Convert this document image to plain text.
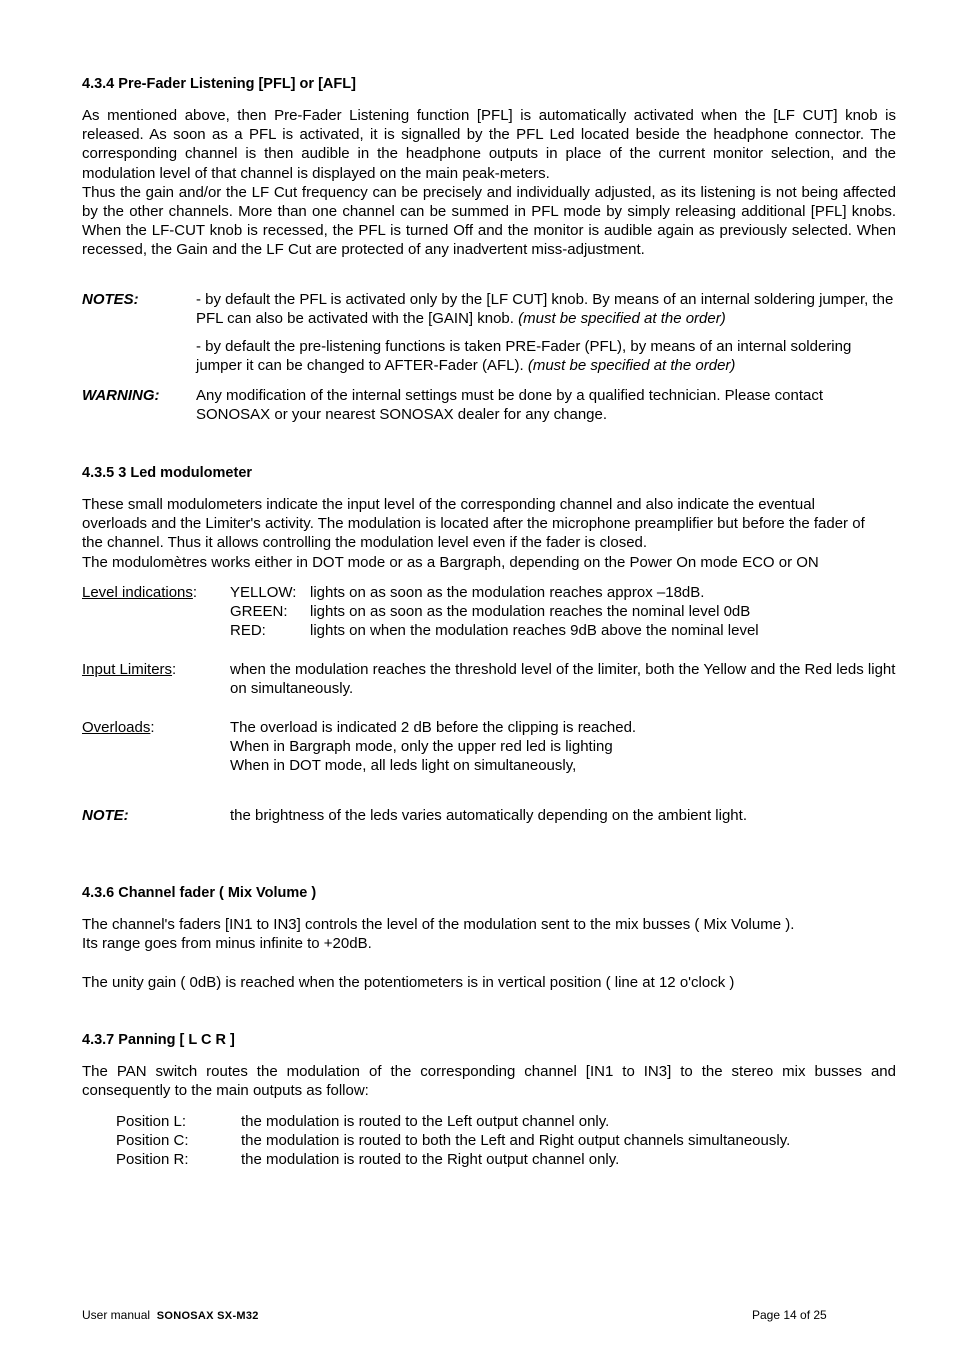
4.3.4 Pre-Fader Listening [PFL] or [AFL]

As mentioned above, then Pre-Fader Listening function [PFL] is automatically activated when the [LF CUT] knob is released. As soon as a PFL is activated, it is signalled by the PFL Led located beside the headphone connector. The corresponding channel is then audible in the headphone outputs in place of the current monitor selection, and the modulation level of that channel is displayed on the main peak-meters.

Thus the gain and/or the LF Cut frequency can be precisely and individually adjusted, as its listening is not being affected by the other channels. More than one channel can be summed in PFL mode by simply releasing additional [PFL] knobs. When the LF-CUT knob is recessed, the PFL is turned Off and the monitor is audible again as previously selected. When recessed, the Gain and the LF Cut are protected of any inadvertent miss-adjustment.

NOTES:	- by default the PFL is activated only by the [LF CUT] knob. By means of an internal soldering jumper, the PFL can also be activated with the [GAIN] knob. (must be specified at the order)

- by default the pre-listening functions is taken PRE-Fader (PFL), by means of an internal soldering jumper it can be changed to AFTER-Fader (AFL). (must be specified at the order)

WARNING: Any modification of the internal settings must be done by a qualified technician. Please contact SONOSAX or your nearest SONOSAX dealer for any change.

4.3.5 3 Led modulometer

These small modulometers indicate the input level of the corresponding channel and also indicate the eventual overloads and the Limiter's activity. The modulation is located after the microphone preamplifier but before the fader of the channel. Thus it allows controlling the modulation level even if the fader is closed.

The modulomètres works either in DOT mode or as a Bargraph, depending on the Power On mode ECO or ON

Level indications: YELLOW: lights on as soon as the modulation reaches approx –18dB.
GREEN: lights on as soon as the modulation reaches the nominal level 0dB
RED:	lights on when the modulation reaches 9dB above the nominal level
Input Limiters:	when the modulation reaches the threshold level of the limiter, both the Yellow and the Red leds light on simultaneously.

Overloads:	The overload is indicated 2 dB before the clipping is reached.

When in Bargraph mode, only the upper red led is lighting

When in DOT mode, all leds light on simultaneously,

NOTE:	the brightness of the leds varies automatically depending on the ambient light.

4.3.6 Channel fader ( Mix Volume )

The channel's faders [IN1 to IN3] controls the level of the modulation sent to the mix busses ( Mix Volume ).

Its range goes from minus infinite to +20dB.

The unity gain ( 0dB) is reached when the potentiometers is in vertical position ( line at 12 o'clock )

4.3.7 Panning [ L C R ]

The PAN switch routes the modulation of the corresponding channel [IN1 to IN3] to the stereo mix busses and consequently to the main outputs as follow:

Position L:	the modulation is routed to the Left output channel only.
Position C:	the modulation is routed to both the Left and Right output channels simultaneously.
Position R:	the modulation is routed to the Right output channel only.
User manual SONOSAX SX-M32	Page 14 of 25
